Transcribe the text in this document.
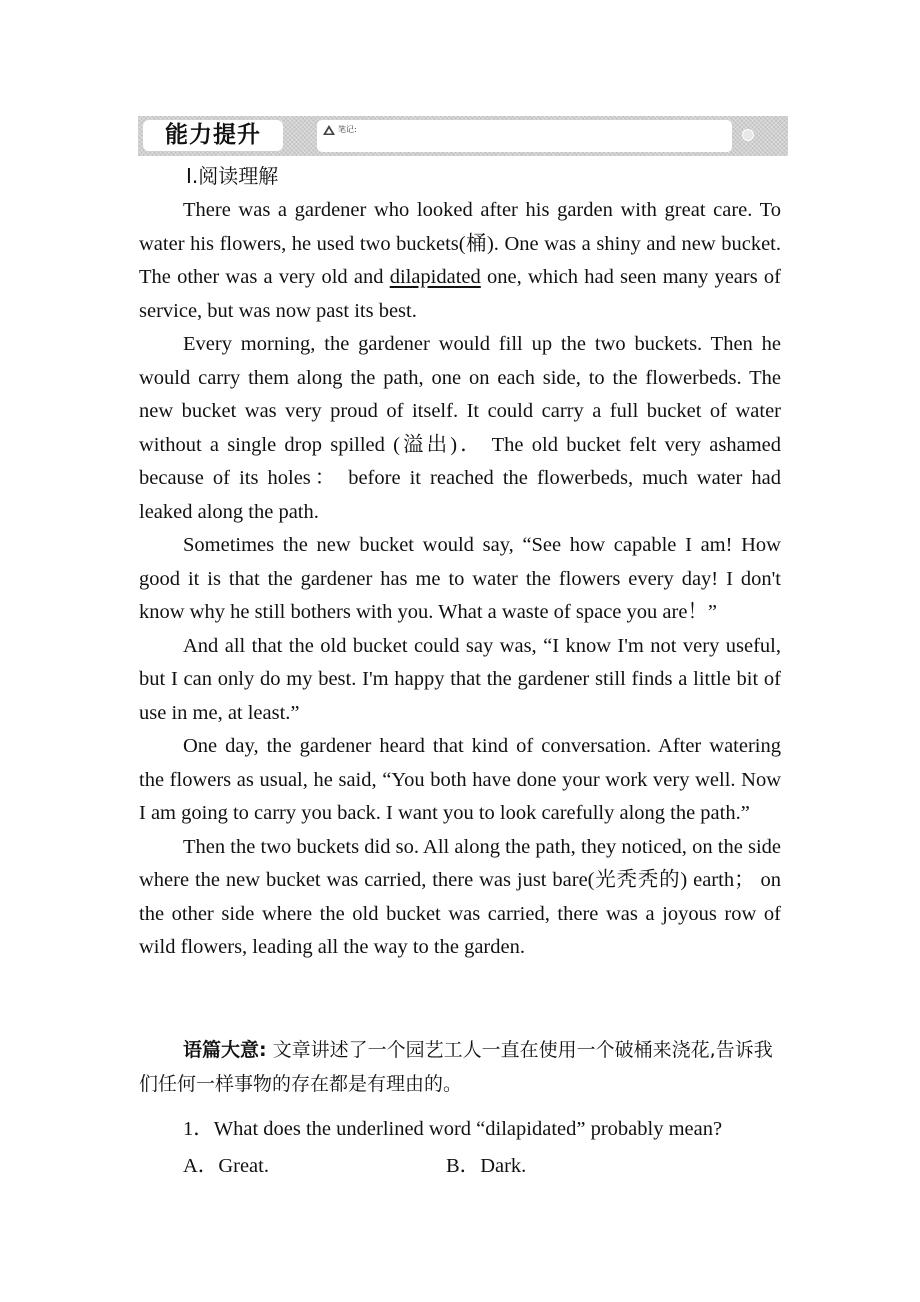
能力提升	笔记:
Ⅰ.阅读理解

There was a gardener who looked after his garden with great care. To water his flowers, he used two buckets(桶). One was a shiny and new bucket. The other was a very old and dilapidated one, which had seen many years of service, but was now past its best.

Every morning, the gardener would fill up the two buckets. Then he would carry them along the path, one on each side, to the flowerbeds. The new bucket was very proud of itself. It could carry a full bucket of water without a single drop spilled (溢出)． The old bucket felt very ashamed because of its holes： before it reached the flowerbeds, much water had leaked along the path.

Sometimes the new bucket would say, “See how capable I am! How good it is that the gardener has me to water the flowers every day! I don't know why he still bothers with you. What a waste of space you are！”

And all that the old bucket could say was, “I know I'm not very useful, but I can only do my best. I'm happy that the gardener still finds a little bit of use in me, at least.”

One day, the gardener heard that kind of conversation. After watering the flowers as usual, he said, “You both have done your work very well. Now I am going to carry you back. I want you to look carefully along the path.”

Then the two buckets did so. All along the path, they noticed, on the side where the new bucket was carried, there was just bare(光秃秃的) earth； on the other side where the old bucket was carried, there was a joyous row of wild flowers, leading all the way to the garden.

语篇大意: 文章讲述了一个园艺工人一直在使用一个破桶来浇花,告诉我们任何一样事物的存在都是有理由的。

1．What does the underlined word “dilapidated” probably mean?
A．Great.	B．Dark.
